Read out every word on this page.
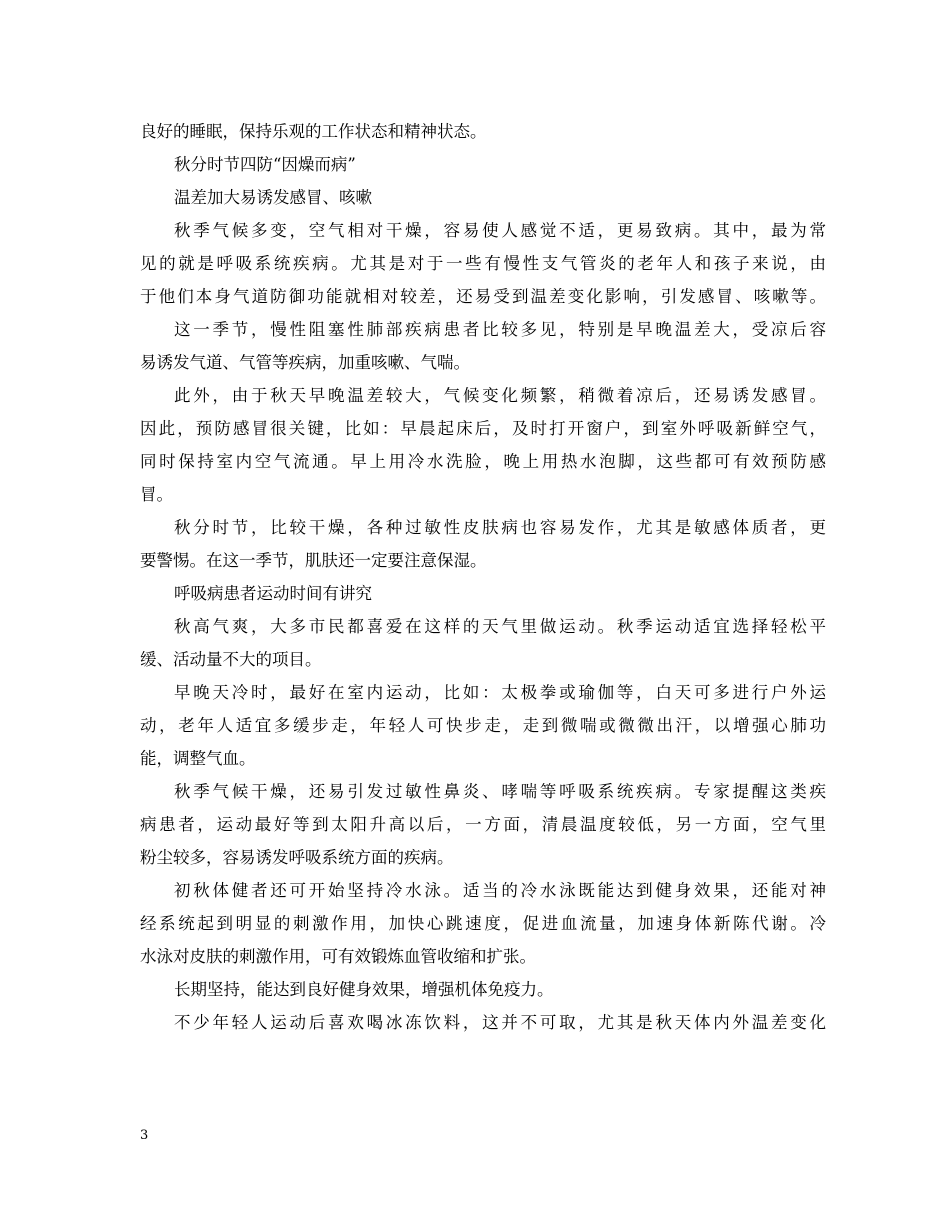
良好的睡眠，保持乐观的工作状态和精神状态。
秋分时节四防“因燥而病”
温差加大易诱发感冒、咳嗽
秋季气候多变，空气相对干燥，容易使人感觉不适，更易致病。其中，最为常
见的就是呼吸系统疾病。尤其是对于一些有慢性支气管炎的老年人和孩子来说，由
于他们本身气道防御功能就相对较差，还易受到温差变化影响，引发感冒、咳嗽等。
这一季节，慢性阻塞性肺部疾病患者比较多见，特别是早晚温差大，受凉后容
易诱发气道、气管等疾病，加重咳嗽、气喘。
此外，由于秋天早晚温差较大，气候变化频繁，稍微着凉后，还易诱发感冒。
因此，预防感冒很关键，比如：早晨起床后，及时打开窗户，到室外呼吸新鲜空气，
同时保持室内空气流通。早上用冷水洗脸，晚上用热水泡脚，这些都可有效预防感
冒。
秋分时节，比较干燥，各种过敏性皮肤病也容易发作，尤其是敏感体质者，更
要警惕。在这一季节，肌肤还一定要注意保湿。
呼吸病患者运动时间有讲究
秋高气爽，大多市民都喜爱在这样的天气里做运动。秋季运动适宜选择轻松平
缓、活动量不大的项目。
早晚天冷时，最好在室内运动，比如：太极拳或瑜伽等，白天可多进行户外运
动，老年人适宜多缓步走，年轻人可快步走，走到微喘或微微出汗，以增强心肺功
能，调整气血。
秋季气候干燥，还易引发过敏性鼻炎、哮喘等呼吸系统疾病。专家提醒这类疾
病患者，运动最好等到太阳升高以后，一方面，清晨温度较低，另一方面，空气里
粉尘较多，容易诱发呼吸系统方面的疾病。
初秋体健者还可开始坚持冷水泳。适当的冷水泳既能达到健身效果，还能对神
经系统起到明显的刺激作用，加快心跳速度，促进血流量，加速身体新陈代谢。冷
水泳对皮肤的刺激作用，可有效锻炼血管收缩和扩张。
长期坚持，能达到良好健身效果，增强机体免疫力。
不少年轻人运动后喜欢喝冰冻饮料，这并不可取，尤其是秋天体内外温差变化
3
